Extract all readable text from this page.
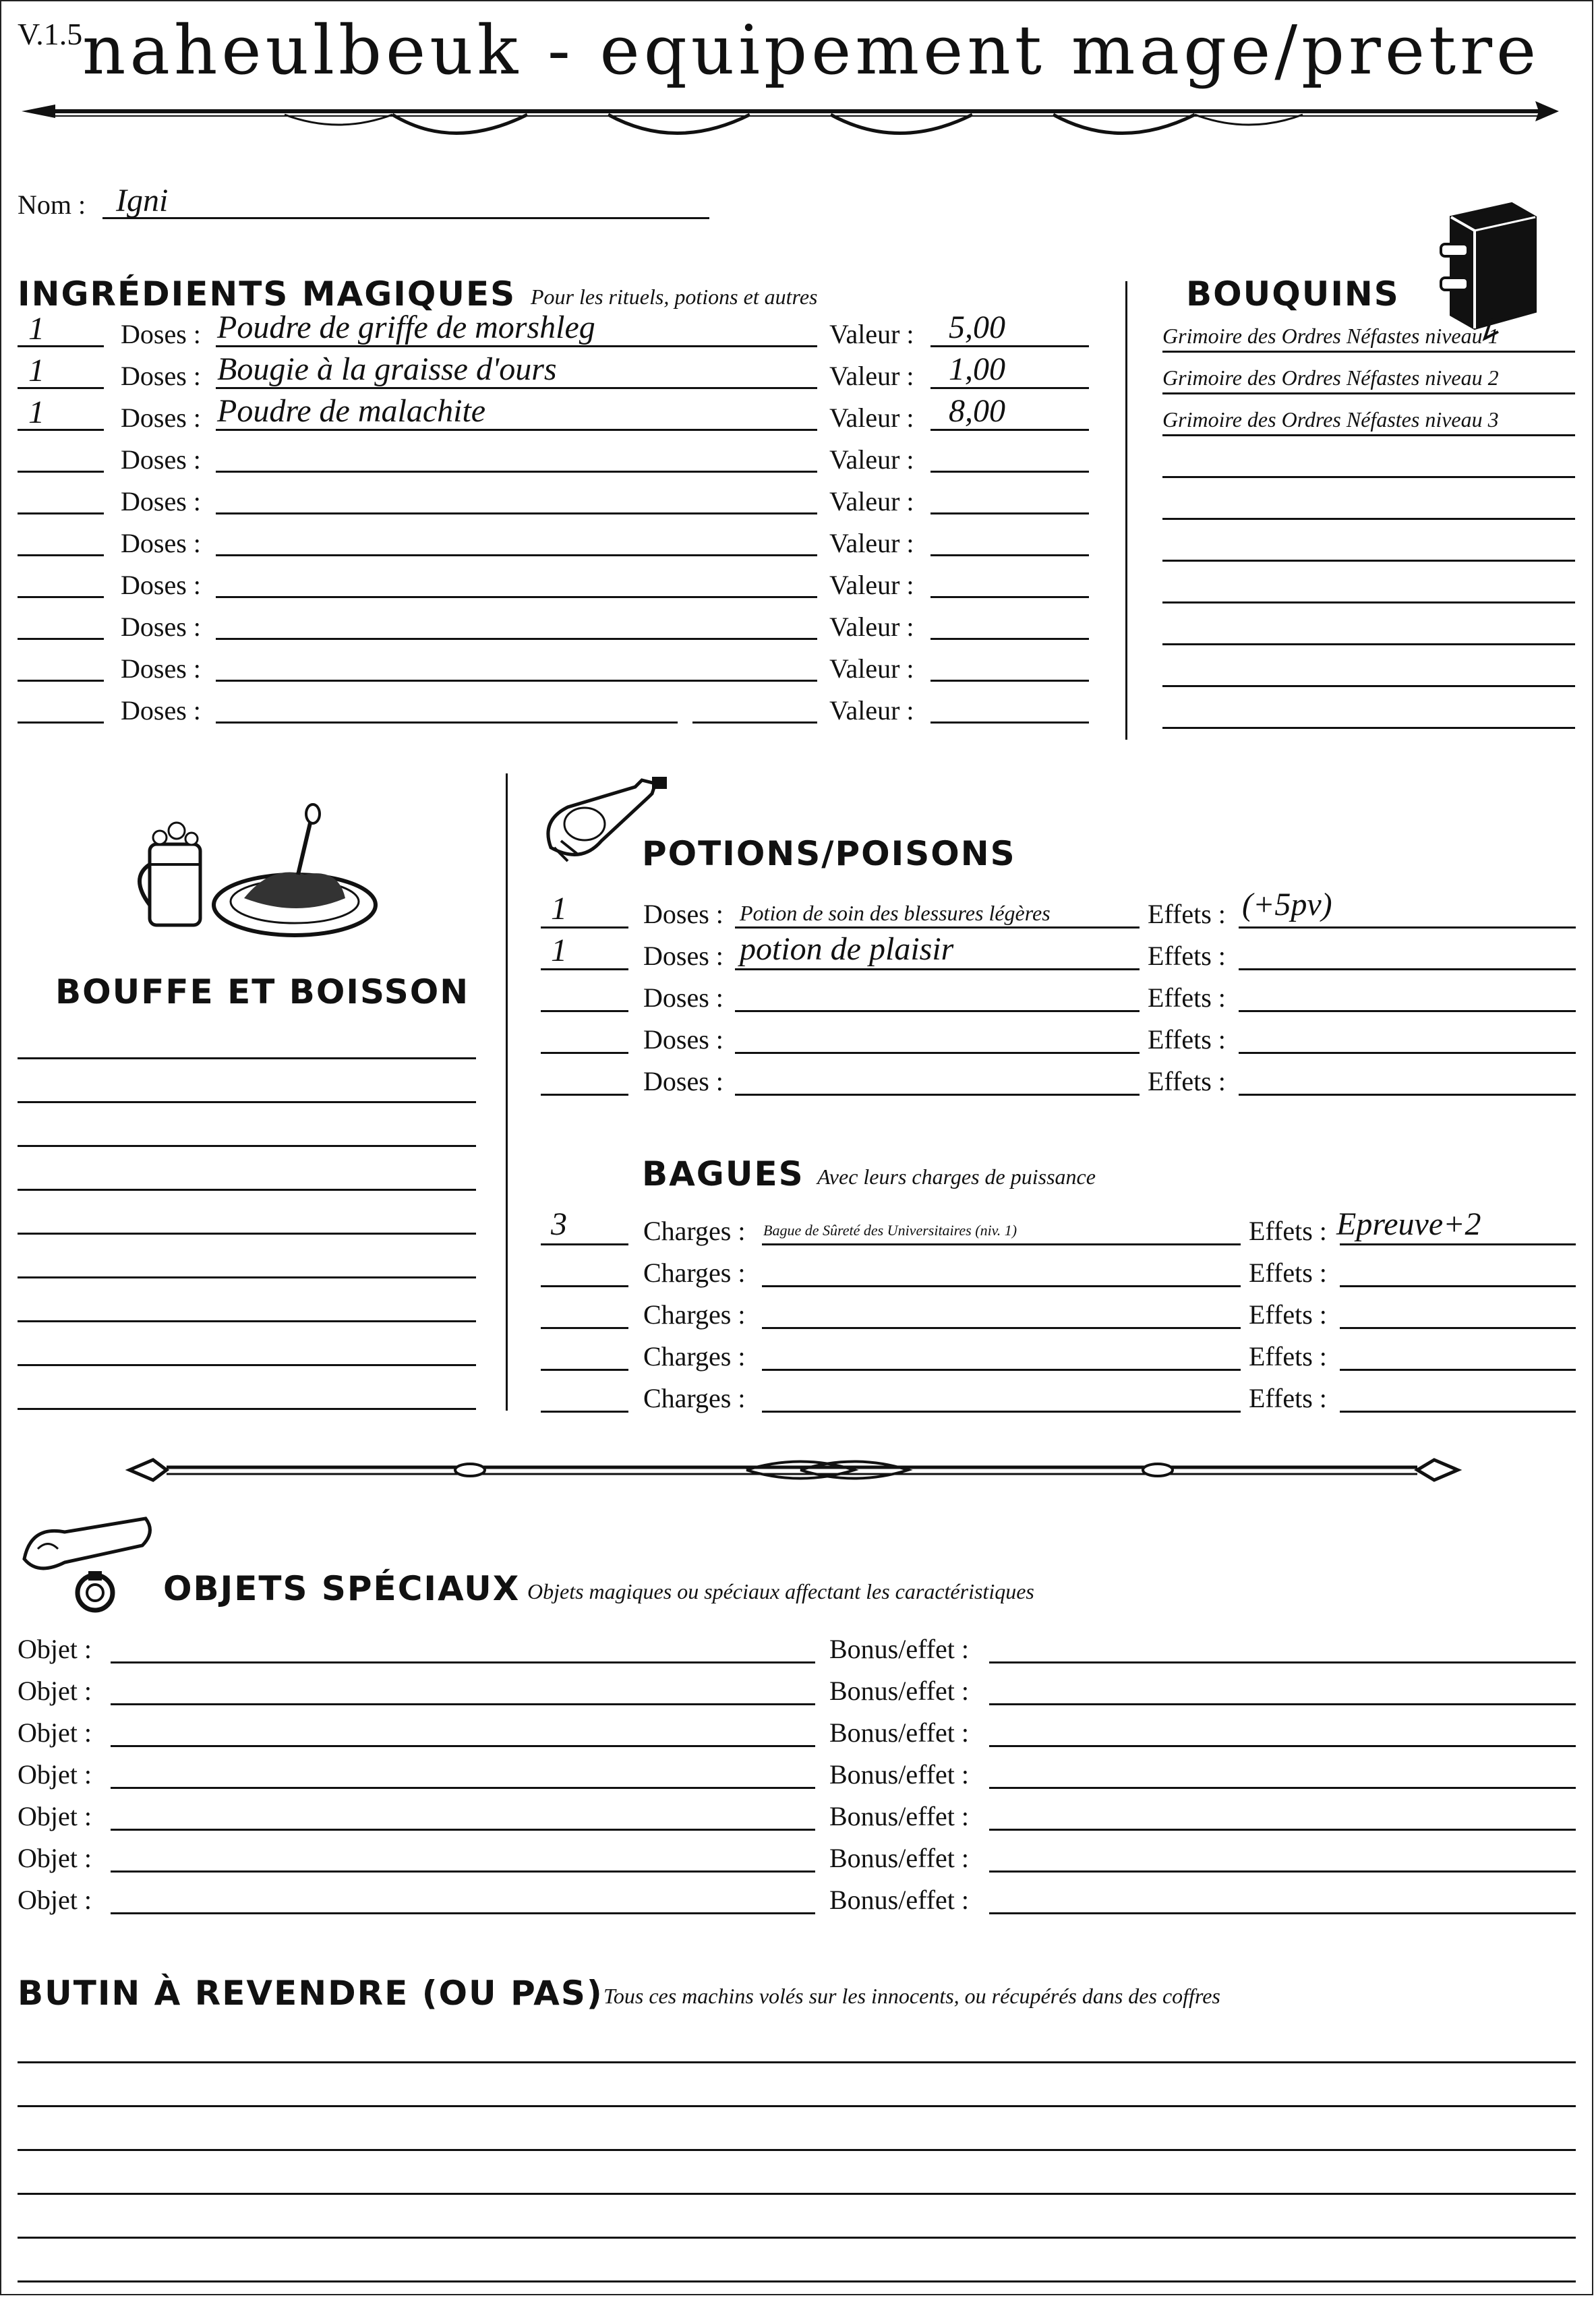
V.1.5 naheulbeuk - equipement mage/pretre
Nom : Igni
INGRÉDIENTS MAGIQUES Pour les rituels, potions et autres
1	Doses : Poudre de griffe de morshleg	Valeur : 5,00
1	Doses : Bougie à la graisse d'ours	Valeur : 1,00
1	Doses : Poudre de malachite	Valeur : 8,00
Doses :	Valeur :
Doses :	Valeur :
Doses :	Valeur :
Doses :	Valeur :
Doses :	Valeur :
Doses :	Valeur :
Doses :	Valeur :
BOUQUINS
Grimoire des Ordres Néfastes niveau 1
Grimoire des Ordres Néfastes niveau 2
Grimoire des Ordres Néfastes niveau 3
BOUFFE ET BOISSON
POTIONS/POISONS
1	Doses : Potion de soin des blessures légères	Effets : (+5pv)
1	Doses : potion de plaisir	Effets :
Doses :	Effets :
Doses :	Effets :
Doses :	Effets :
BAGUES Avec leurs charges de puissance
3	Charges : Bague de Sûreté des Universitaires (niv. 1)	Effets : Epreuve+2
Charges :	Effets :
Charges :	Effets :
Charges :	Effets :
Charges :	Effets :
OBJETS SPÉCIAUX Objets magiques ou spéciaux affectant les caractéristiques
Objet :	Bonus/effet :
Objet :	Bonus/effet :
Objet :	Bonus/effet :
Objet :	Bonus/effet :
Objet :	Bonus/effet :
Objet :	Bonus/effet :
Objet :	Bonus/effet :
BUTIN À REVENDRE (OU PAS) Tous ces machins volés sur les innocents, ou récupérés dans des coffres
